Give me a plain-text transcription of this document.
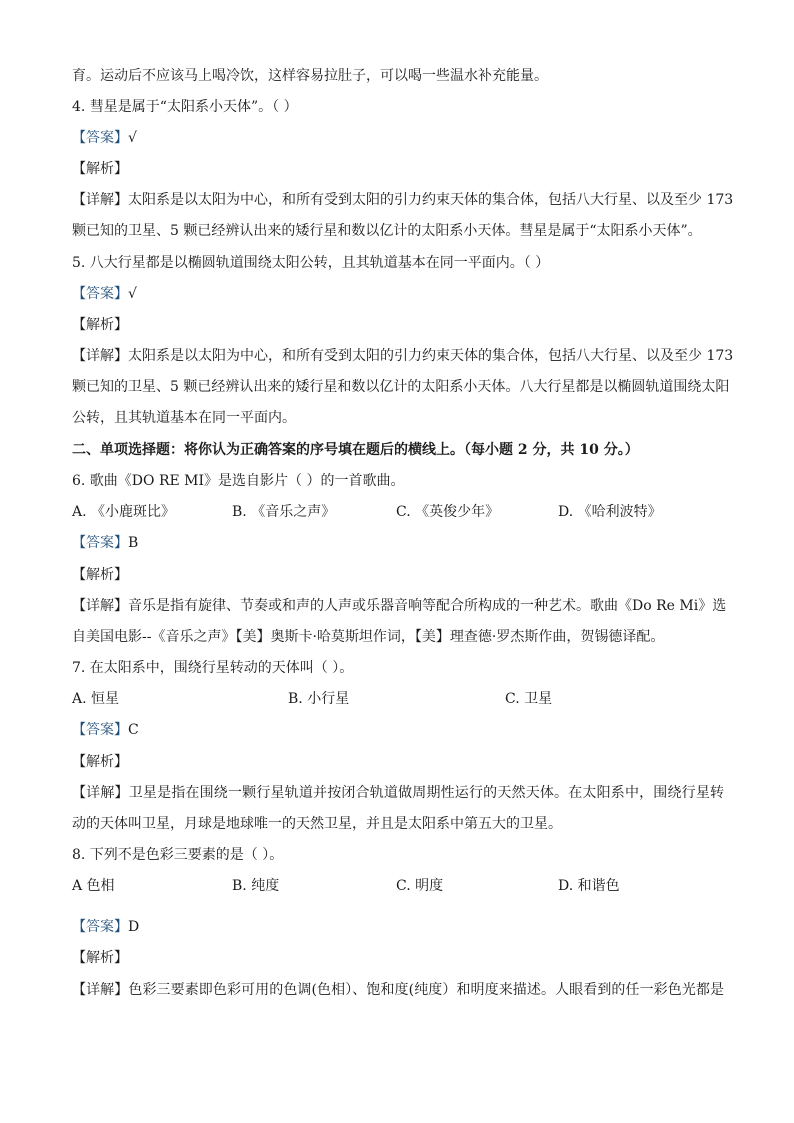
育。运动后不应该马上喝冷饮，这样容易拉肚子，可以喝一些温水补充能量。
4. 彗星是属于“太阳系小天体”。（ ）
【答案】√
【解析】
【详解】太阳系是以太阳为中心，和所有受到太阳的引力约束天体的集合体，包括八大行星、以及至少 173
颗已知的卫星、5 颗已经辨认出来的矮行星和数以亿计的太阳系小天体。彗星是属于“太阳系小天体”。
5. 八大行星都是以椭圆轨道围绕太阳公转，且其轨道基本在同一平面内。（ ）
【答案】√
【解析】
【详解】太阳系是以太阳为中心，和所有受到太阳的引力约束天体的集合体，包括八大行星、以及至少 173
颗已知的卫星、5 颗已经辨认出来的矮行星和数以亿计的太阳系小天体。八大行星都是以椭圆轨道围绕太阳
公转，且其轨道基本在同一平面内。
二、单项选择题：将你认为正确答案的序号填在题后的横线上。（每小题 2 分，共 10 分。）
6. 歌曲《DO RE MI》是选自影片（ ）的一首歌曲。
A. 《小鹿斑比》	B. 《音乐之声》	C. 《英俊少年》	D. 《哈利波特》
【答案】B
【解析】
【详解】音乐是指有旋律、节奏或和声的人声或乐器音响等配合所构成的一种艺术。歌曲《Do Re Mi》选
自美国电影--《音乐之声》【美】奥斯卡·哈莫斯坦作词，【美】理查德·罗杰斯作曲，贺锡德译配。
7. 在太阳系中，围绕行星转动的天体叫（ ）。
A. 恒星	B. 小行星	C. 卫星
【答案】C
【解析】
【详解】卫星是指在围绕一颗行星轨道并按闭合轨道做周期性运行的天然天体。在太阳系中，围绕行星转
动的天体叫卫星，月球是地球唯一的天然卫星，并且是太阳系中第五大的卫星。
8. 下列不是色彩三要素的是（ ）。
A 色相	B. 纯度	C. 明度	D. 和谐色
【答案】D
【解析】
【详解】色彩三要素即色彩可用的色调(色相）、饱和度(纯度）和明度来描述。人眼看到的任一彩色光都是
